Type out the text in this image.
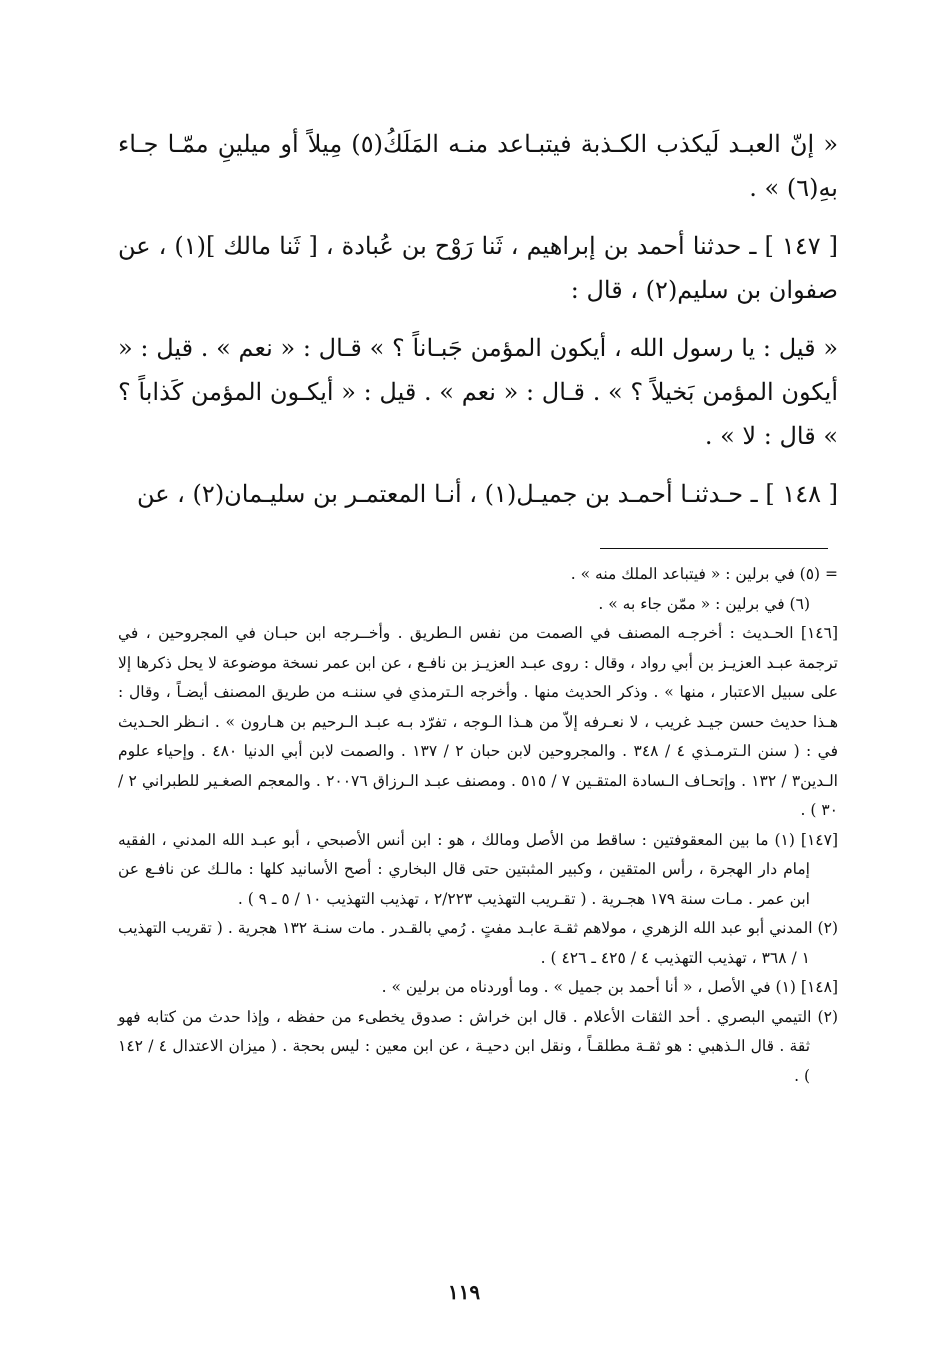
« إنّ العبـد لَيكذب الكـذبة فيتبـاعد منـه المَلَكُ(٥) مِيلاً أو ميلينِ ممّـا جـاء بهِ(٦) » .

[ ١٤٧ ] ـ حدثنا أحمد بن إبراهيم ، ثَنا رَوْح بن عُبادة ، [ ثَنا مالك ](١) ، عن صفوان بن سليم(٢) ، قال :

« قيل : يا رسول الله ، أيكون المؤمن جَبـاناً ؟ » قـال : « نعم » . قيل : « أيكون المؤمن بَخيلاً ؟ » . قـال : « نعم » . قيل : « أيكـون المؤمن كَذاباً ؟ » قال : لا » .

[ ١٤٨ ] ـ حـدثنـا أحمـد بن جميـل(١) ، أنـا المعتمـر بن سليـمان(٢) ، عن

= (٥) في برلين : « فيتباعد الملك منه » .

(٦) في برلين : « ممّن جاء به » .

[١٤٦] الحـديث : أخرجـه المصنف في الصمت من نفس الـطريق . وأخــرجه ابن حبـان في المجروحين ، في ترجمة عبـد العزيـز بن أبي رواد ، وقال : روى عبـد العزيـز بن نافـع ، عن ابن عمر نسخة موضوعة لا يحل ذكرها إلا على سبيل الاعتبار ، منها » . وذكر الحديث منها . وأخرجه الـترمذي في سننـه من طريق المصنف أيضـاً ، وقال : هـذا حديث حسن جيـد غريب ، لا نعـرفه إلاّ من هـذا الـوجه ، تفرّد بـه عبـد الـرحيم بن هـارون » . انـظر الحـديث في : ( سنن الـترمـذي ٤ / ٣٤٨ . والمجروحين لابن حبان ٢ / ١٣٧ . والصمت لابن أبي الدنيا ٤٨٠ . وإحياء علوم الـدين٣ / ١٣٢ . وإتحـاف الـسادة المتقـين ٧ / ٥١٥ . ومصنف عبـد الـرزاق ٢٠٠٧٦ . والمعجم الصغـير للطبراني ٢ / ٣٠ ) .

[١٤٧] (١) ما بين المعقوفتين : ساقط من الأصل ومالك ، هو : ابن أنس الأصبحي ، أبو عبـد الله المدني ، الفقيه إمام دار الهجرة ، رأس المتقين ، وكبير المثبتين حتى قال البخاري : أصح الأسانيد كلها : مالـك عن نافـع عن ابن عمر . مـات سنة ١٧٩ هجـرية . ( تقـريب التهذيب ٢/٢٢٣ ، تهذيب التهذيب ١٠ / ٥ ـ ٩ ) .

(٢) المدني أبو عبد الله الزهري ، مولاهم ثقـة عابـد مفتٍ . رُمي بالقـدر . مات سنـة ١٣٢ هجرية . ( تقريب التهذيب ١ / ٣٦٨ ، تهذيب التهذيب ٤ / ٤٢٥ ـ ٤٢٦ ) .

[١٤٨] (١) في الأصل ، « أنا أحمد بن جميل » . وما أوردناه من برلين » .

(٢) التيمي البصري . أحد الثقات الأعلام . قال ابن خراش : صدوق يخطىء من حفظه ، وإذا حدث من كتابه فهو ثقة . قال الـذهبي : هو ثقـة مطلقـاً ، ونقل ابن دحيـة ، عن ابن معين : ليس بحجة . ( ميزان الاعتدال ٤ / ١٤٢ ) .

١١٩
